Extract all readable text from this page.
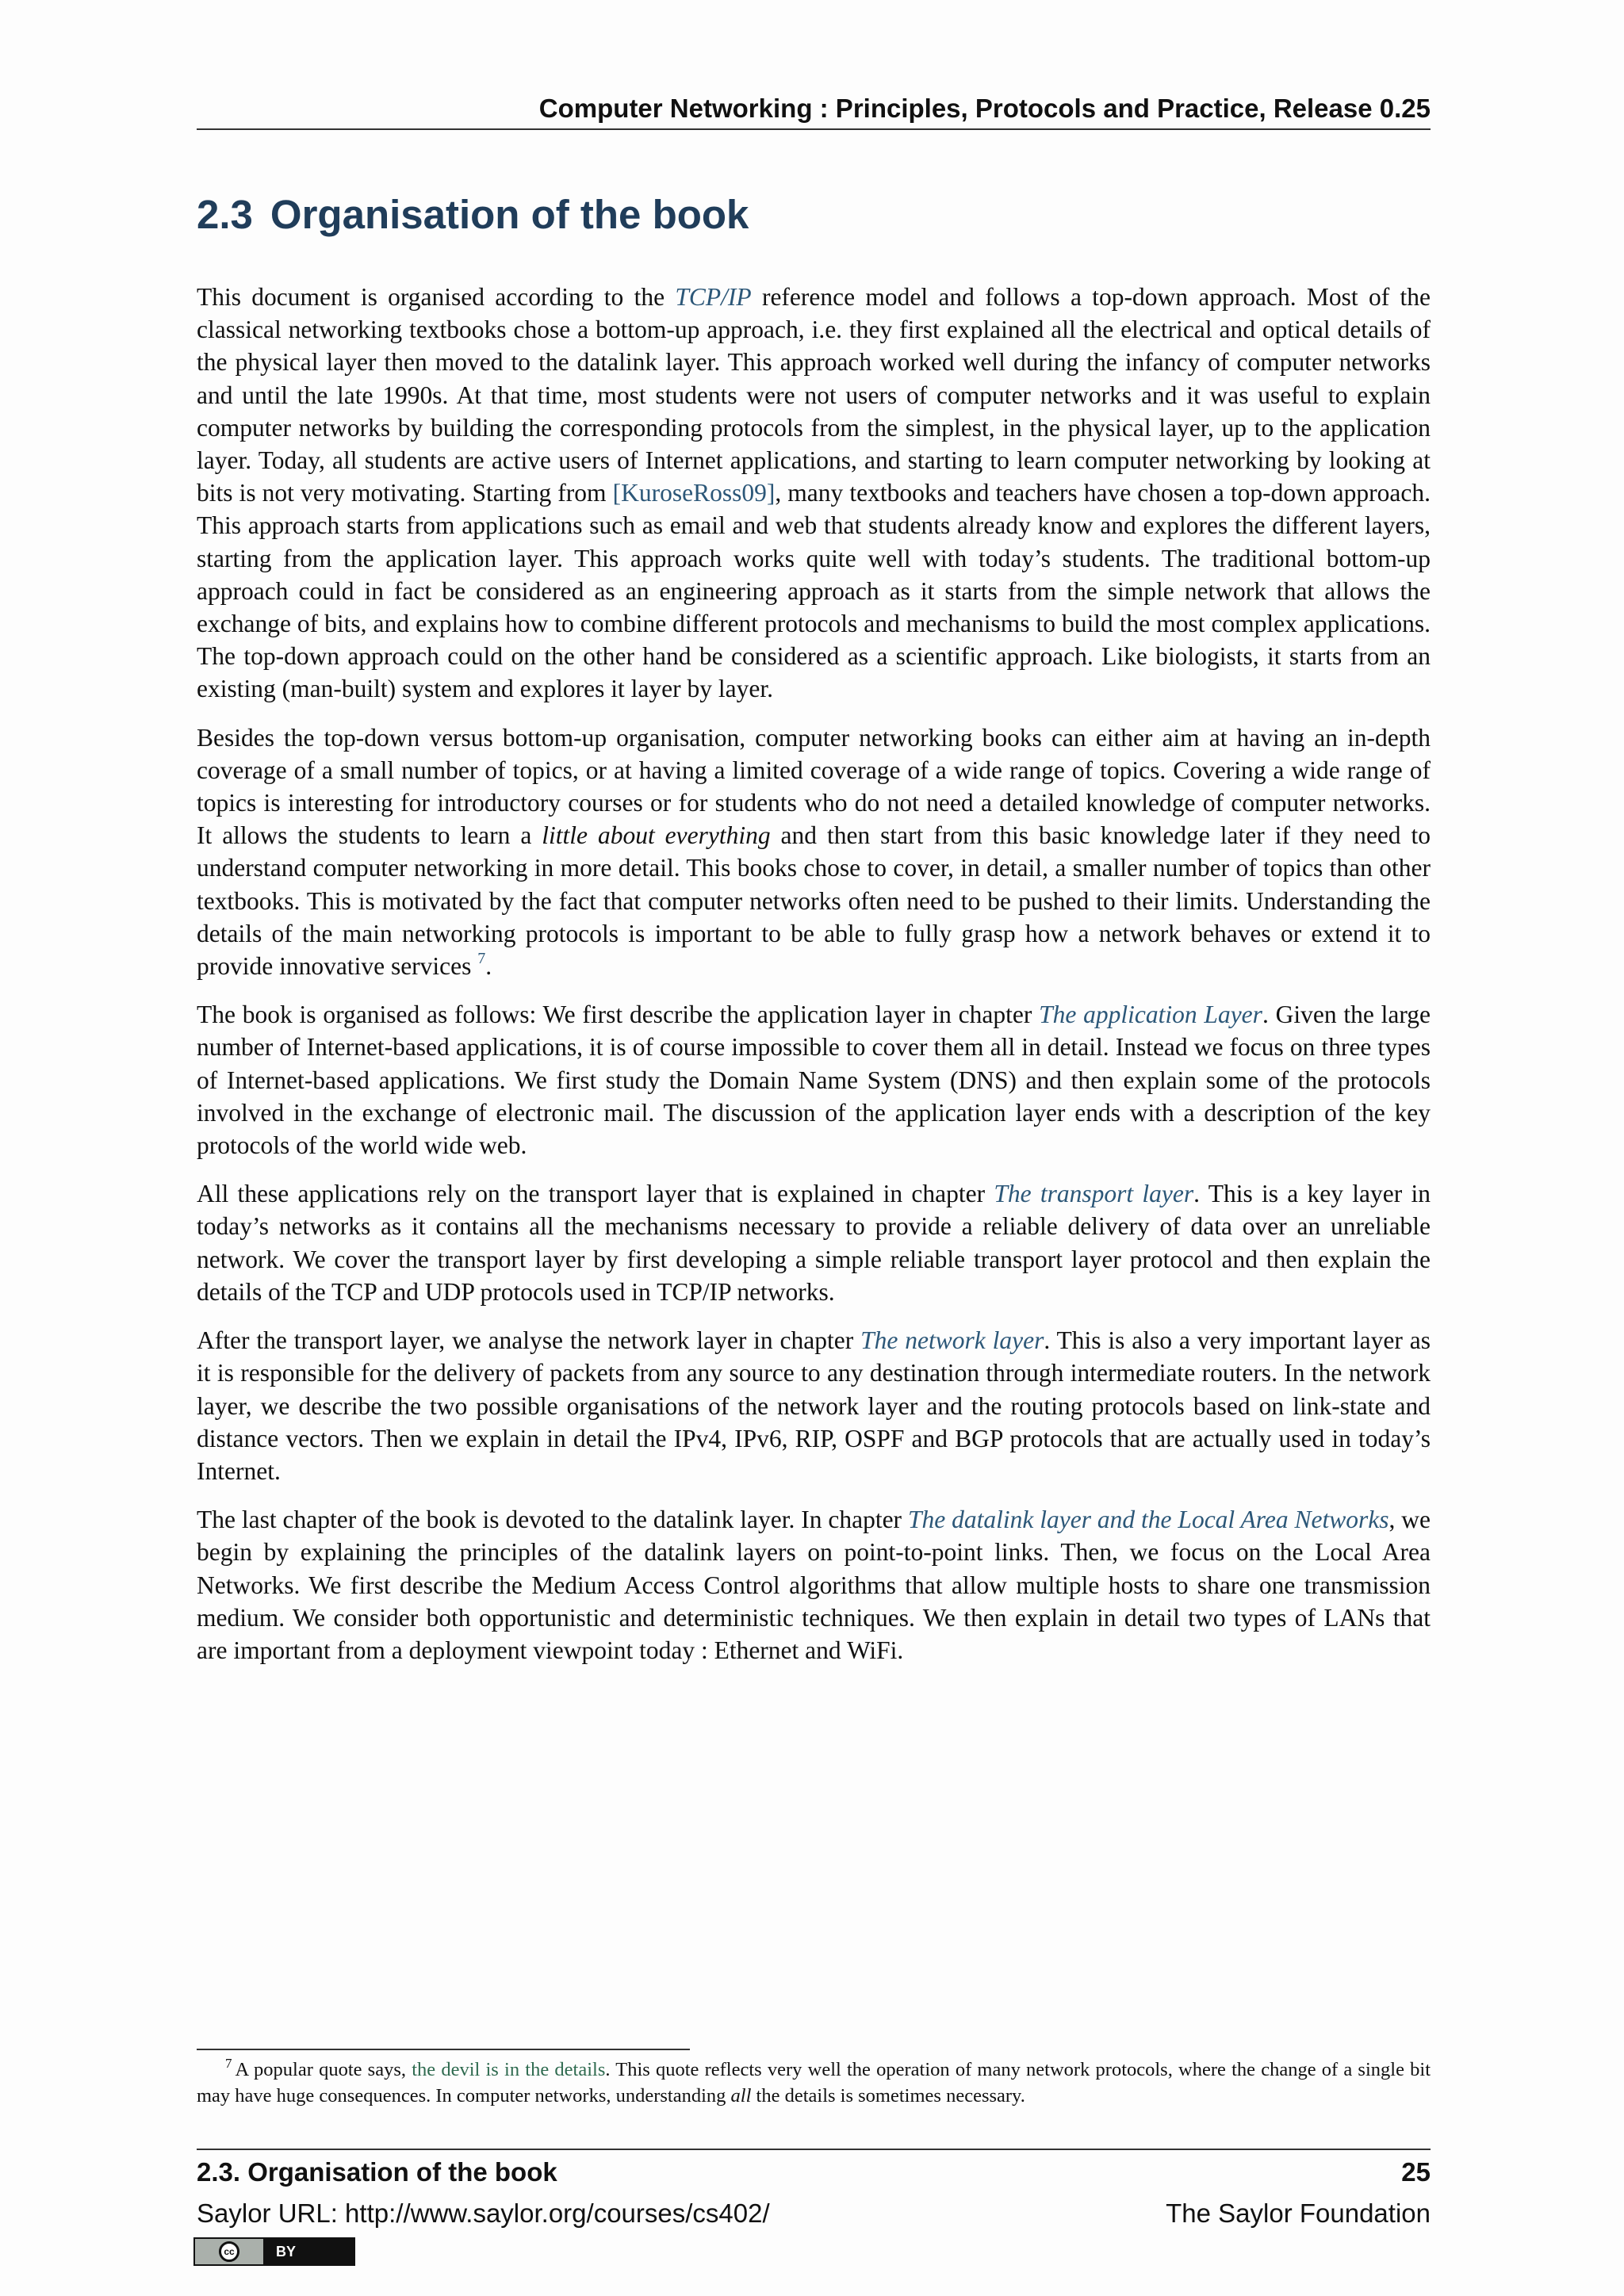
Computer Networking : Principles, Protocols and Practice, Release 0.25
2.3 Organisation of the book

This document is organised according to the TCP/IP reference model and follows a top-down approach. Most of the classical networking textbooks chose a bottom-up approach, i.e. they first explained all the electrical and optical details of the physical layer then moved to the datalink layer. This approach worked well during the infancy of computer networks and until the late 1990s. At that time, most students were not users of computer networks and it was useful to explain computer networks by building the corresponding protocols from the simplest, in the physical layer, up to the application layer. Today, all students are active users of Internet applications, and starting to learn computer networking by looking at bits is not very motivating. Starting from [KuroseRoss09], many textbooks and teachers have chosen a top-down approach. This approach starts from applications such as email and web that students already know and explores the different layers, starting from the application layer. This approach works quite well with today’s students. The traditional bottom-up approach could in fact be considered as an engineering approach as it starts from the simple network that allows the exchange of bits, and explains how to combine different protocols and mechanisms to build the most complex applications. The top-down approach could on the other hand be considered as a scientific approach. Like biologists, it starts from an existing (man-built) system and explores it layer by layer.

Besides the top-down versus bottom-up organisation, computer networking books can either aim at having an in-depth coverage of a small number of topics, or at having a limited coverage of a wide range of topics. Covering a wide range of topics is interesting for introductory courses or for students who do not need a detailed knowledge of computer networks. It allows the students to learn a little about everything and then start from this basic knowledge later if they need to understand computer networking in more detail. This books chose to cover, in detail, a smaller number of topics than other textbooks. This is motivated by the fact that computer networks often need to be pushed to their limits. Understanding the details of the main networking protocols is important to be able to fully grasp how a network behaves or extend it to provide innovative services $^7$.

The book is organised as follows: We first describe the application layer in chapter The application Layer. Given the large number of Internet-based applications, it is of course impossible to cover them all in detail. Instead we focus on three types of Internet-based applications. We first study the Domain Name System (DNS) and then explain some of the protocols involved in the exchange of electronic mail. The discussion of the application layer ends with a description of the key protocols of the world wide web.

All these applications rely on the transport layer that is explained in chapter The transport layer. This is a key layer in today’s networks as it contains all the mechanisms necessary to provide a reliable delivery of data over an unreliable network. We cover the transport layer by first developing a simple reliable transport layer protocol and then explain the details of the TCP and UDP protocols used in TCP/IP networks.

After the transport layer, we analyse the network layer in chapter The network layer. This is also a very important layer as it is responsible for the delivery of packets from any source to any destination through intermediate routers. In the network layer, we describe the two possible organisations of the network layer and the routing protocols based on link-state and distance vectors. Then we explain in detail the IPv4, IPv6, RIP, OSPF and BGP protocols that are actually used in today’s Internet.

The last chapter of the book is devoted to the datalink layer. In chapter The datalink layer and the Local Area Networks, we begin by explaining the principles of the datalink layers on point-to-point links. Then, we focus on the Local Area Networks. We first describe the Medium Access Control algorithms that allow multiple hosts to share one transmission medium. We consider both opportunistic and deterministic techniques. We then explain in detail two types of LANs that are important from a deployment viewpoint today : Ethernet and WiFi.

$^7$ A popular quote says, the devil is in the details. This quote reflects very well the operation of many network protocols, where the change of a single bit may have huge consequences. In computer networks, understanding all the details is sometimes necessary.
2.3. Organisation of the book	25
Saylor URL: http://www.saylor.org/courses/cs402/	The Saylor Foundation
cc	BY
